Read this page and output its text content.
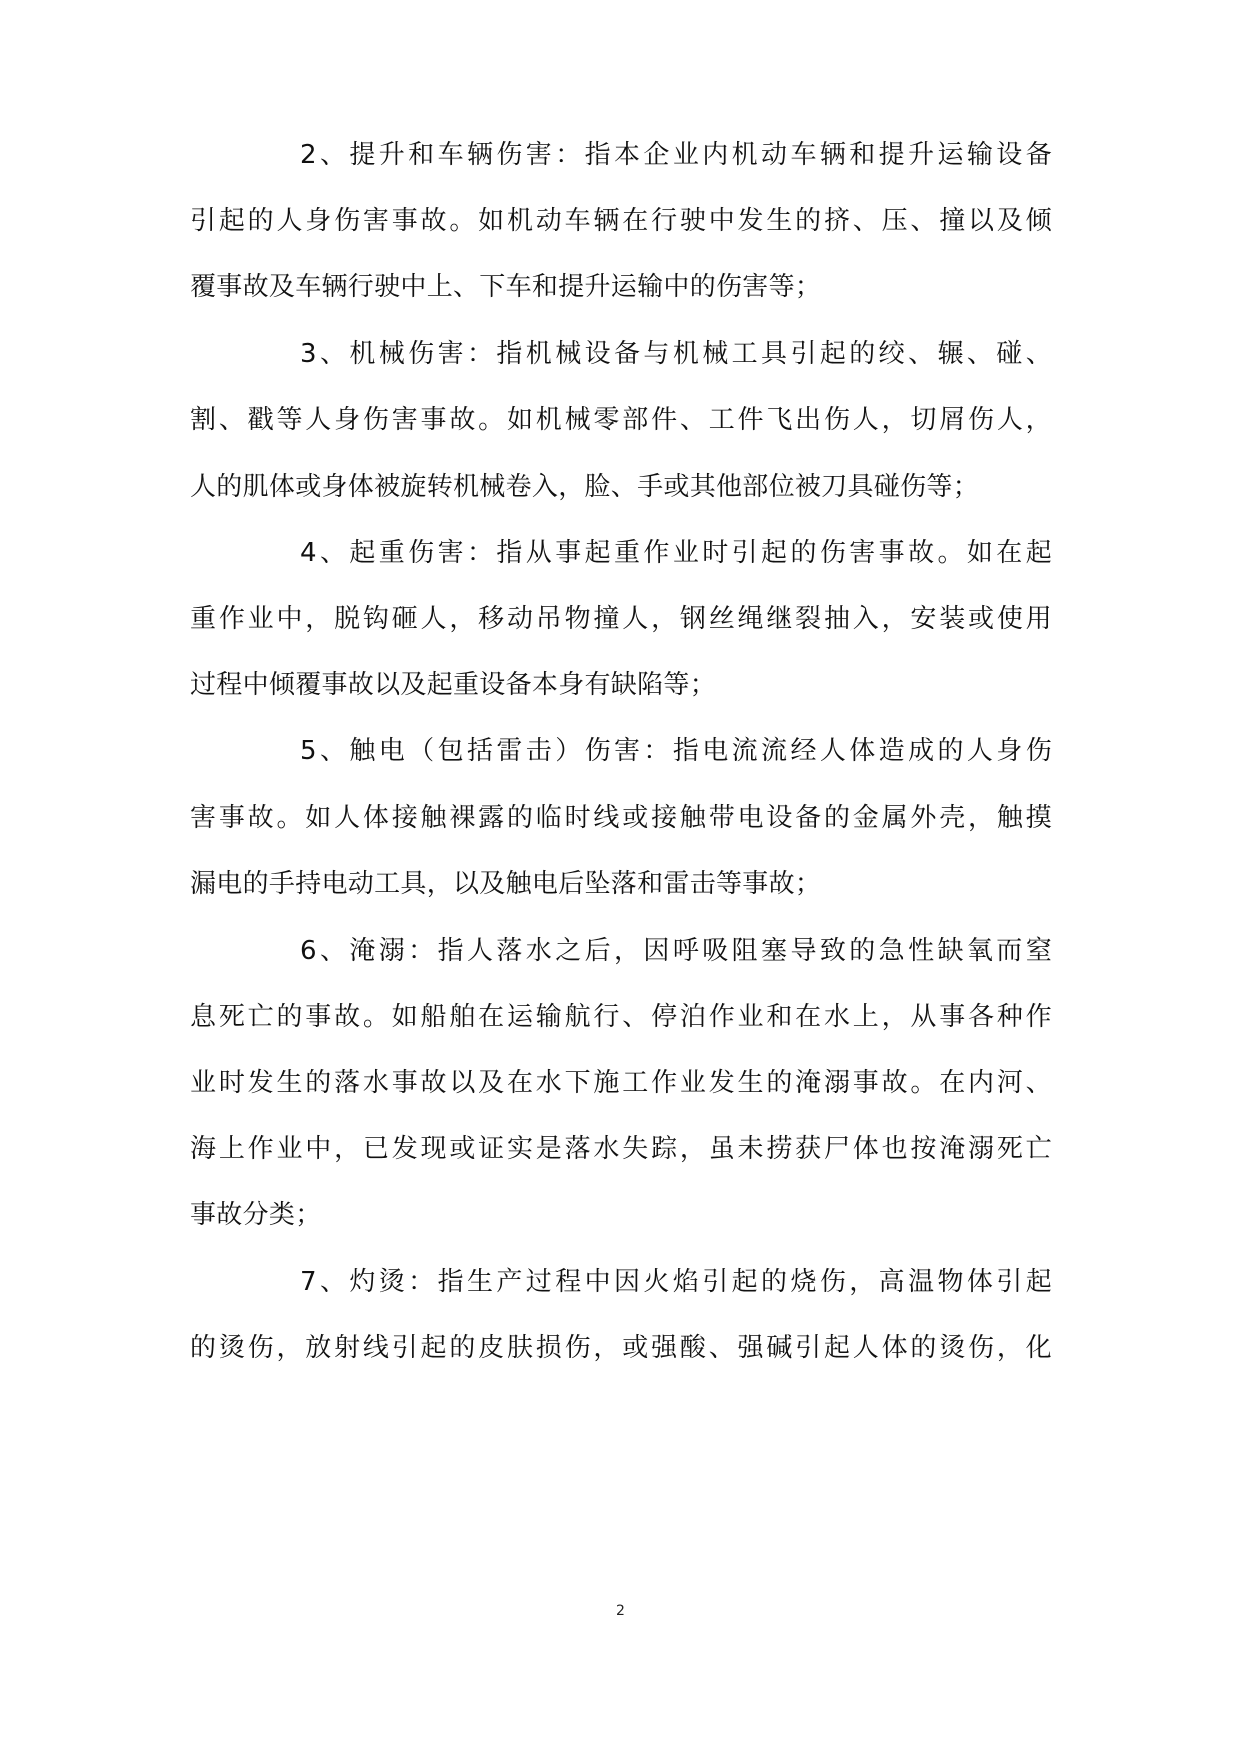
2、提升和车辆伤害：指本企业内机动车辆和提升运输设备
引起的人身伤害事故。如机动车辆在行驶中发生的挤、压、撞以及倾
覆事故及车辆行驶中上、下车和提升运输中的伤害等；
3、机械伤害：指机械设备与机械工具引起的绞、辗、碰、
割、戳等人身伤害事故。如机械零部件、工件飞出伤人，切屑伤人，
人的肌体或身体被旋转机械卷入，脸、手或其他部位被刀具碰伤等；
4、起重伤害：指从事起重作业时引起的伤害事故。如在起
重作业中，脱钩砸人，移动吊物撞人，钢丝绳继裂抽入，安装或使用
过程中倾覆事故以及起重设备本身有缺陷等；
5、触电（包括雷击）伤害：指电流流经人体造成的人身伤
害事故。如人体接触裸露的临时线或接触带电设备的金属外壳，触摸
漏电的手持电动工具，以及触电后坠落和雷击等事故；
6、淹溺：指人落水之后，因呼吸阻塞导致的急性缺氧而窒
息死亡的事故。如船舶在运输航行、停泊作业和在水上，从事各种作
业时发生的落水事故以及在水下施工作业发生的淹溺事故。在内河、
海上作业中，已发现或证实是落水失踪，虽未捞获尸体也按淹溺死亡
事故分类；
7、灼烫：指生产过程中因火焰引起的烧伤，高温物体引起
的烫伤，放射线引起的皮肤损伤，或强酸、强碱引起人体的烫伤，化
2
